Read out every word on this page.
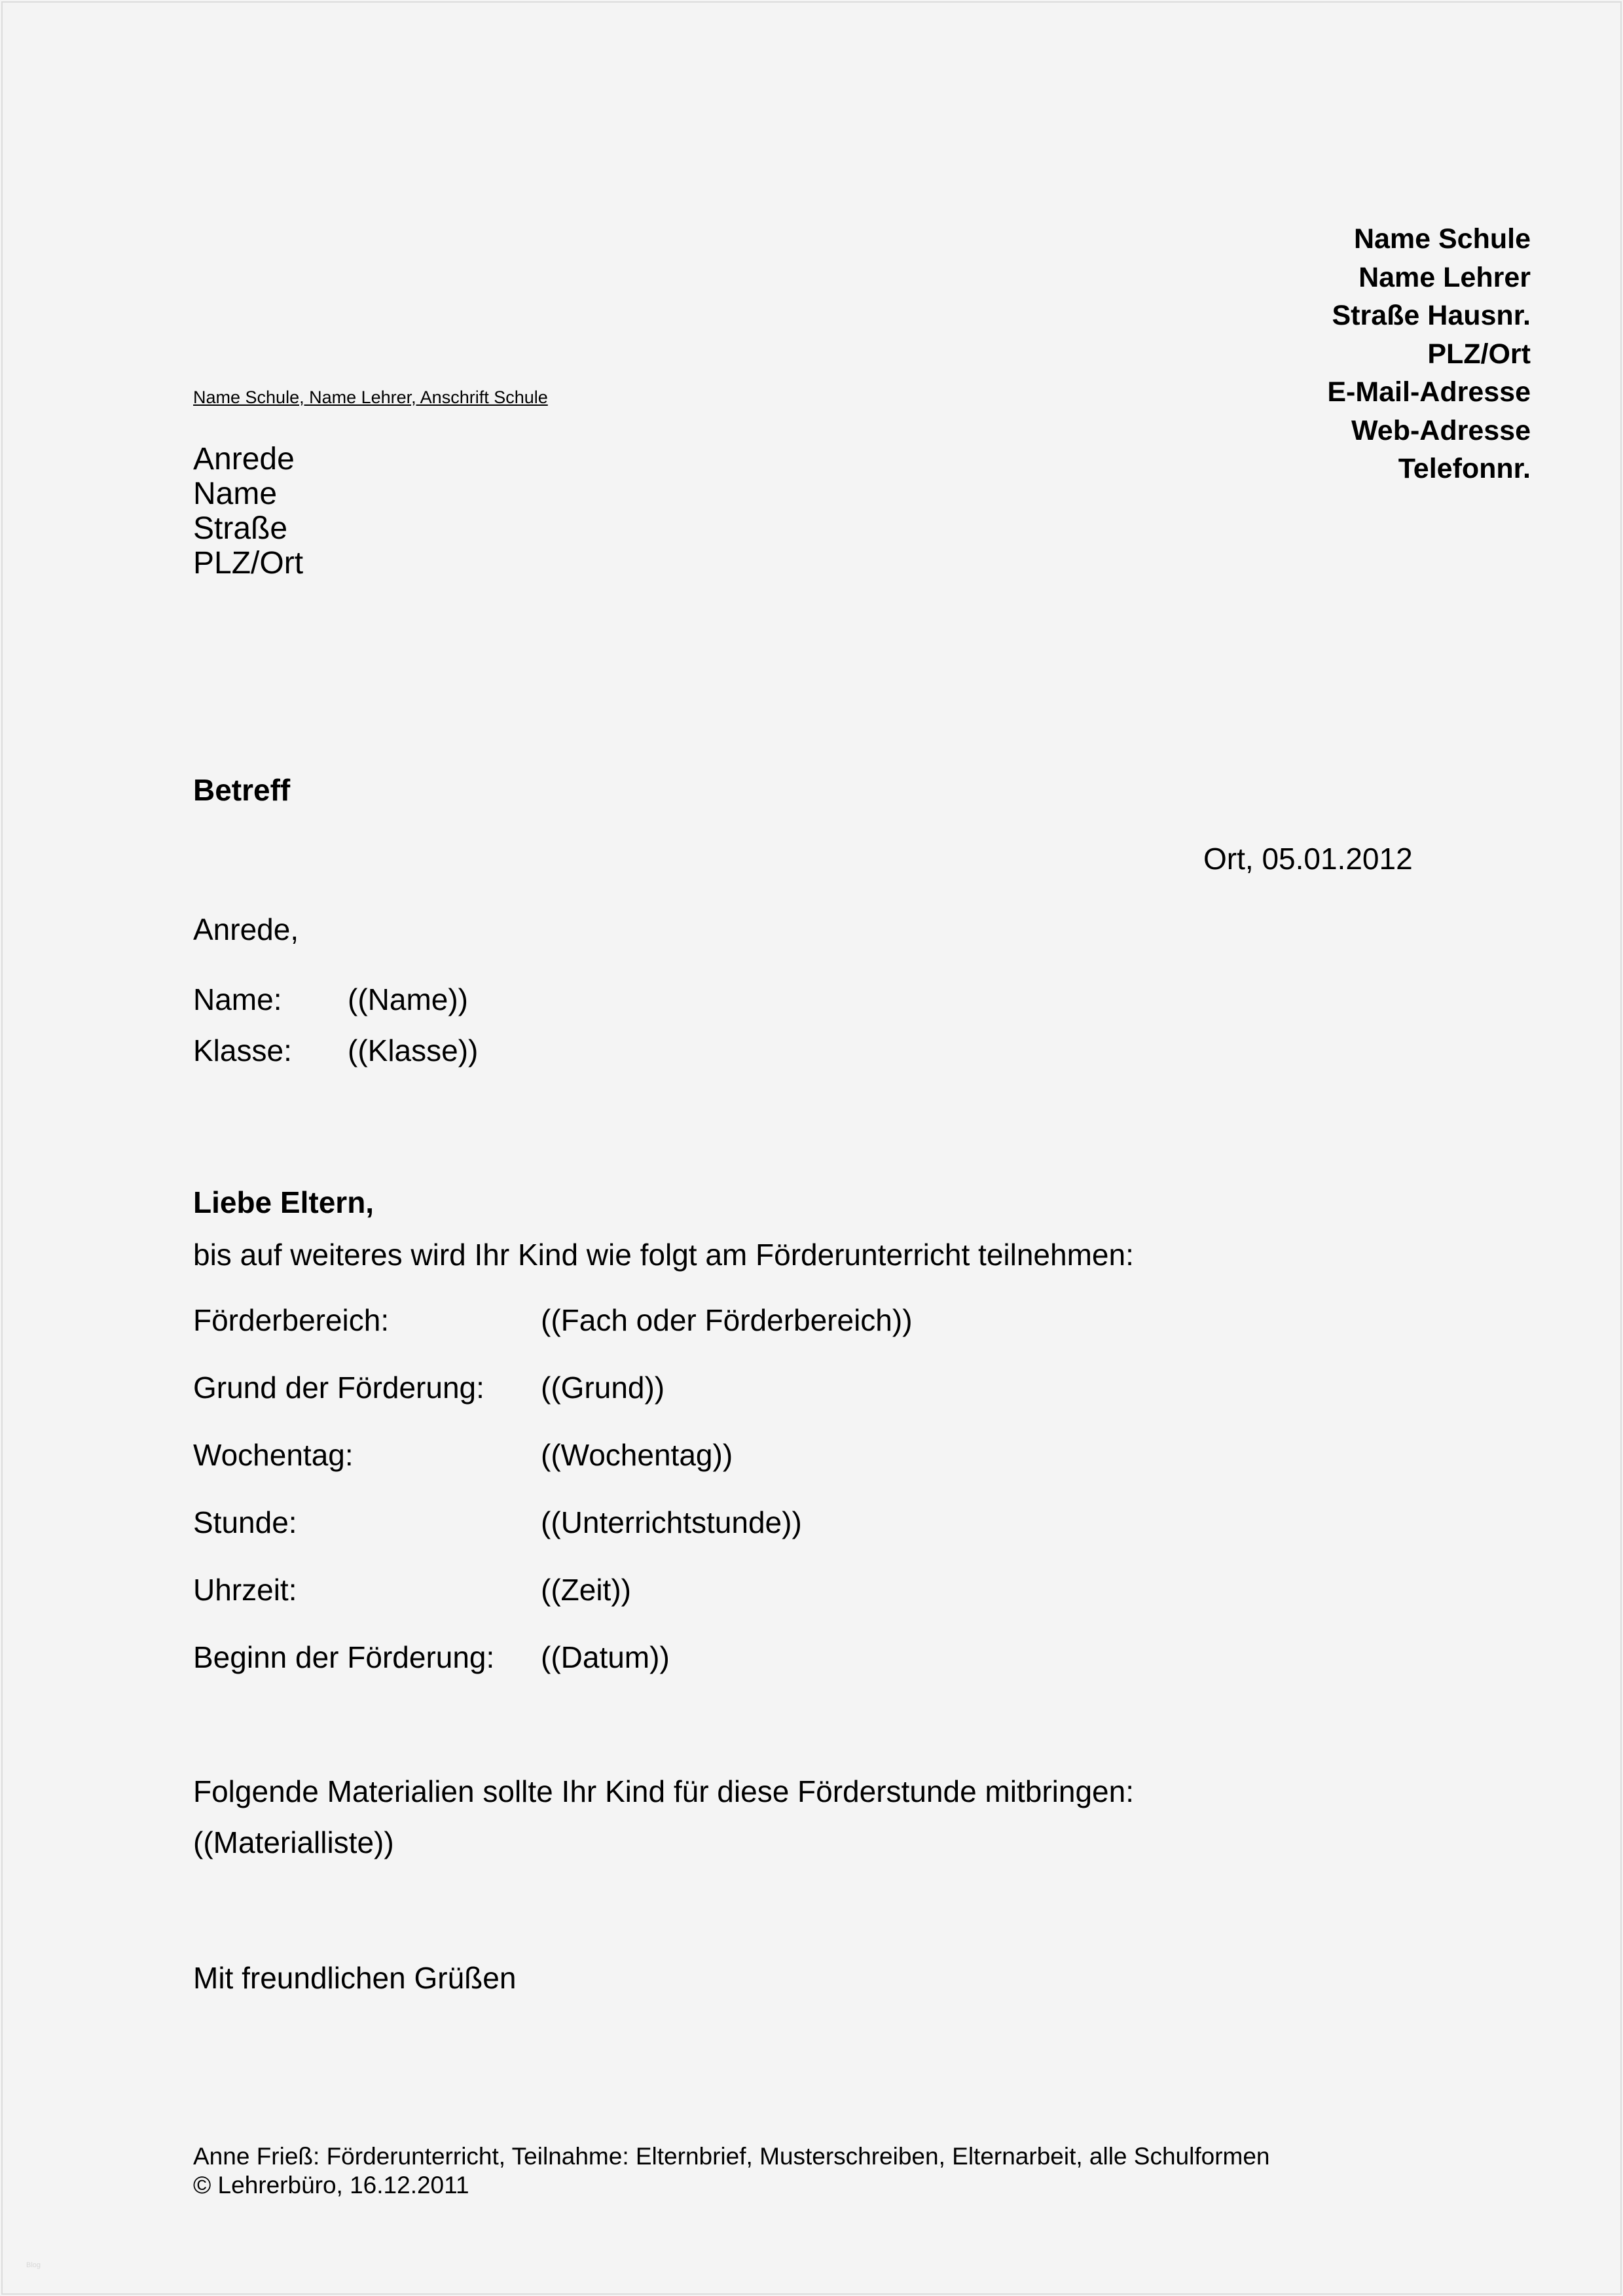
Name Schule
Name Lehrer
Straße Hausnr.
PLZ/Ort
E-Mail-Adresse
Web-Adresse
Telefonnr.
Name Schule, Name Lehrer, Anschrift Schule
Anrede
Name
Straße
PLZ/Ort
Betreff
Ort, 05.01.2012
Anrede,
Name: ((Name))
Klasse: ((Klasse))
Liebe Eltern,
bis auf weiteres wird Ihr Kind wie folgt am Förderunterricht teilnehmen:
Förderbereich:	((Fach oder Förderbereich))
Grund der Förderung: ((Grund))
Wochentag:	((Wochentag))
Stunde:	((Unterrichtstunde))
Uhrzeit:	((Zeit))
Beginn der Förderung: ((Datum))
Folgende Materialien sollte Ihr Kind für diese Förderstunde mitbringen:
((Materialliste))
Mit freundlichen Grüßen
Anne Frieß: Förderunterricht, Teilnahme: Elternbrief, Musterschreiben, Elternarbeit, alle Schulformen
© Lehrerbüro, 16.12.2011
Blog
